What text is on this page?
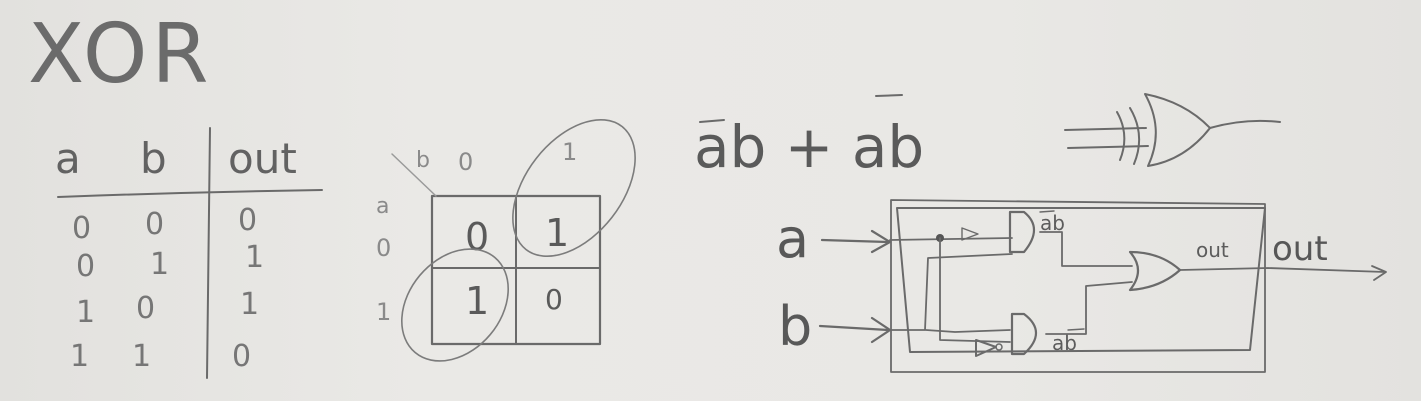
XOR
a b out
0 0 0
0 1	1
1 0	1
1 1	0
a
b 0	1
0
1
0 1
1 0
ab + ab
a
b
ab
ab
out out
